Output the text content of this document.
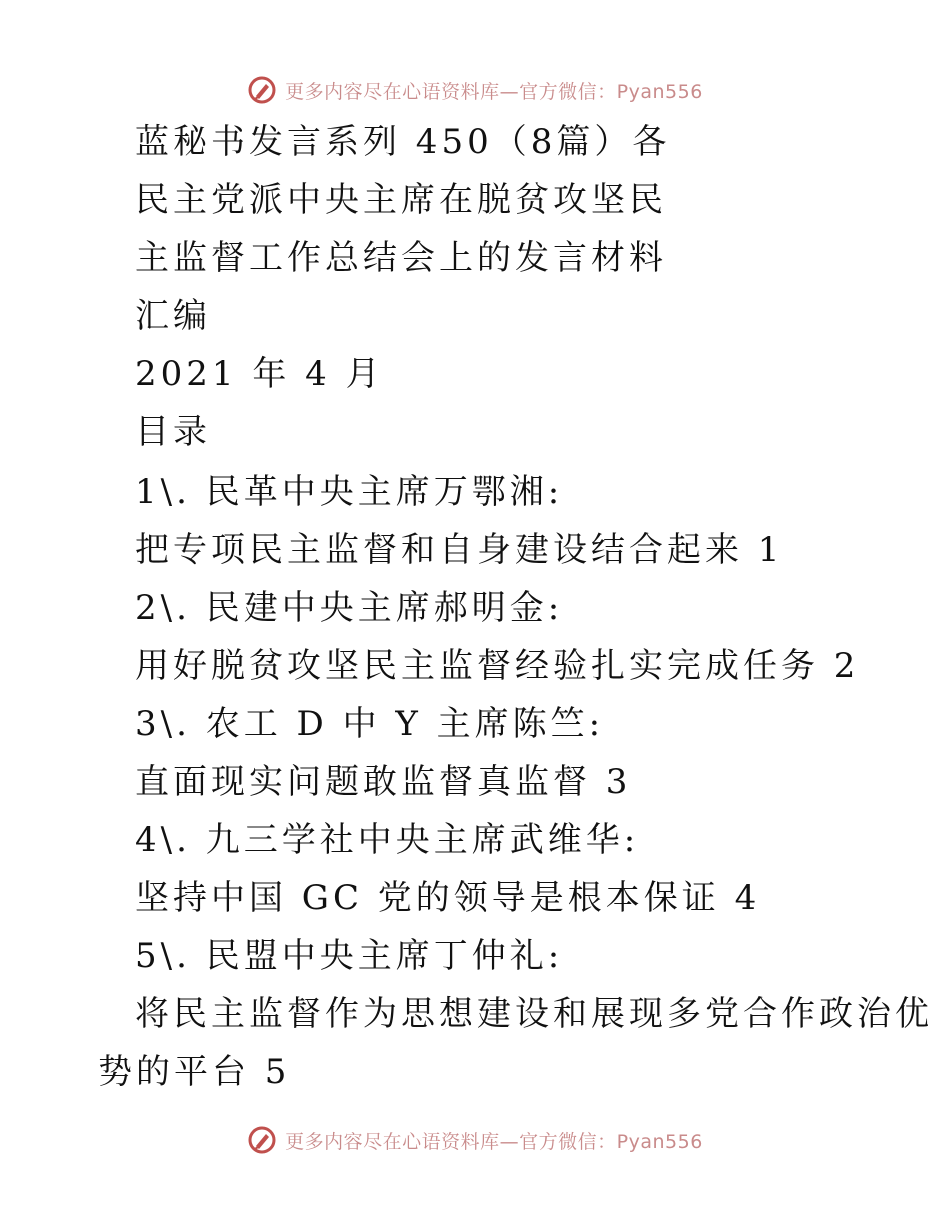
更多内容尽在心语资料库—官方微信：Pyan556
蓝秘书发言系列 450（8篇）各
民主党派中央主席在脱贫攻坚民
主监督工作总结会上的发言材料
汇编
2021 年 4 月
目录
1\. 民革中央主席万鄂湘:
把专项民主监督和自身建设结合起来 1
2\. 民建中央主席郝明金:
用好脱贫攻坚民主监督经验扎实完成任务 2
3\. 农工 D 中 Y 主席陈竺:
直面现实问题敢监督真监督 3
4\. 九三学社中央主席武维华:
坚持中国 GC 党的领导是根本保证 4
5\. 民盟中央主席丁仲礼:
将民主监督作为思想建设和展现多党合作政治优
势的平台 5
更多内容尽在心语资料库—官方微信：Pyan556
